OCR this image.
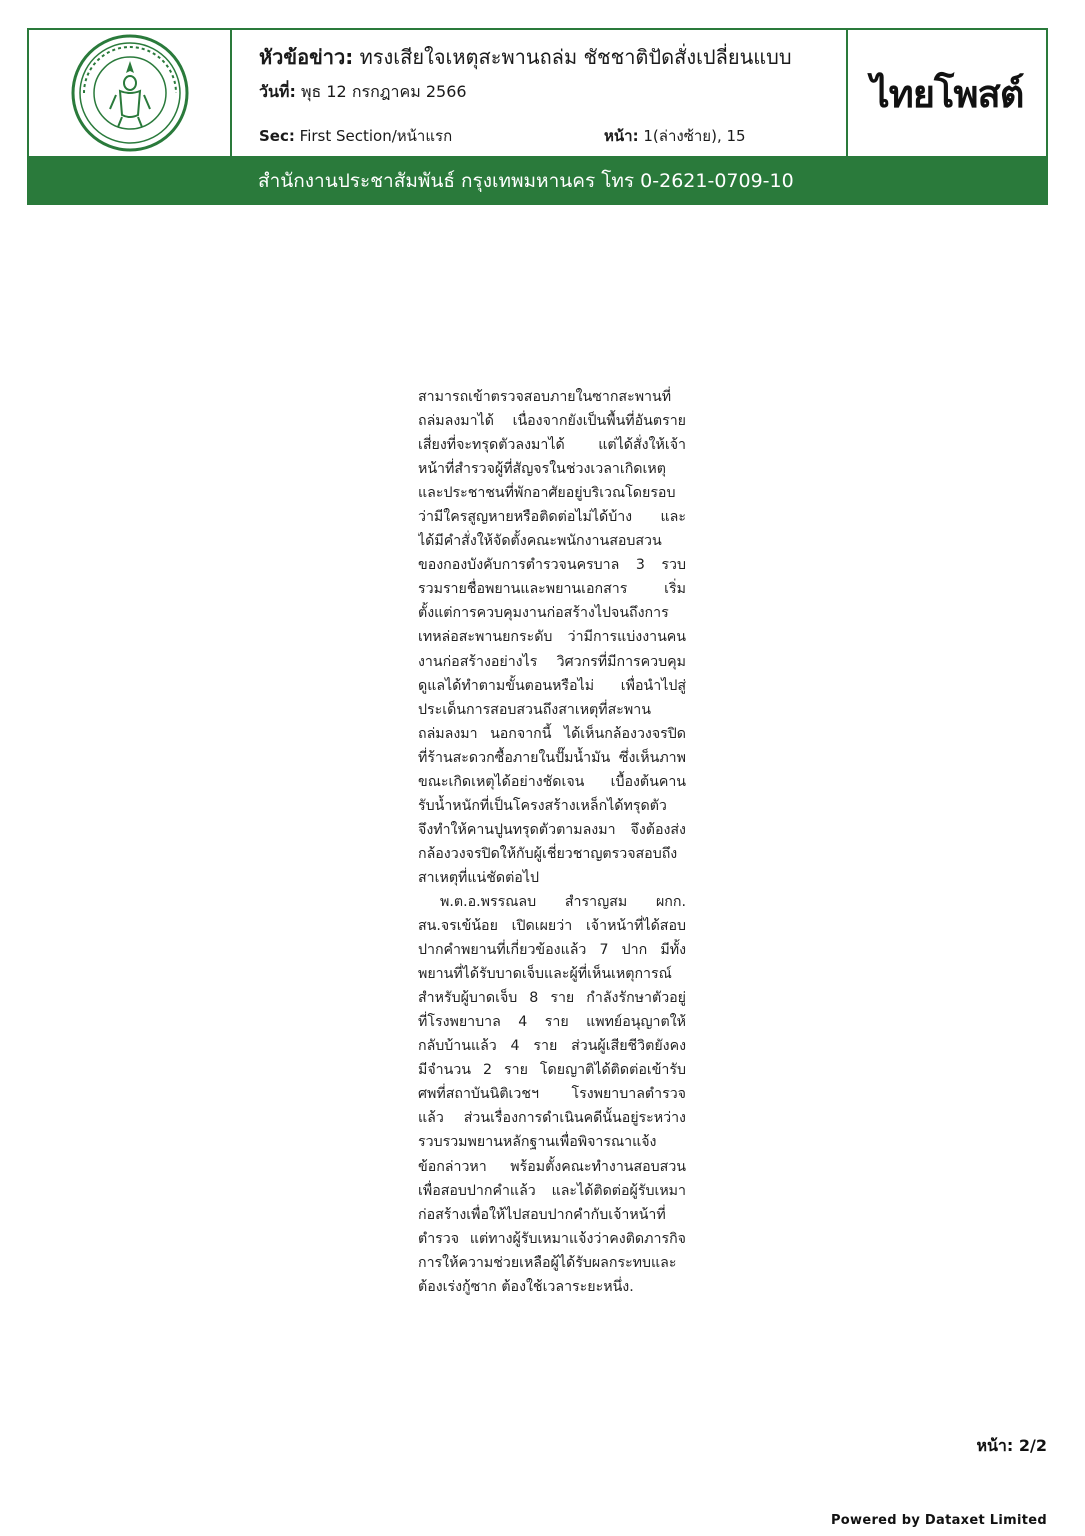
หัวข้อข่าว: ทรงเสียใจเหตุสะพานถล่ม ชัชชาติปัดสั่งเปลี่ยนแบบ
วันที่: พุธ 12 กรกฎาคม 2566
Sec: First Section/หน้าแรก	หน้า: 1(ล่างซ้าย), 15
ไทยโพสต์
สำนักงานประชาสัมพันธ์ กรุงเทพมหานคร โทร 0-2621-0709-10
สามารถเข้าตรวจสอบภายในซากสะพานที่
ถล่มลงมาได้ เนื่องจากยังเป็นพื้นที่อันตราย
เสี่ยงที่จะทรุดตัวลงมาได้ แต่ได้สั่งให้เจ้า
หน้าที่สำรวจผู้ที่สัญจรในช่วงเวลาเกิดเหตุ
และประชาชนที่พักอาศัยอยู่บริเวณโดยรอบ
ว่ามีใครสูญหายหรือติดต่อไม่ได้บ้าง และ
ได้มีคำสั่งให้จัดตั้งคณะพนักงานสอบสวน
ของกองบังคับการตำรวจนครบาล 3 รวบ
รวมรายชื่อพยานและพยานเอกสาร เริ่ม
ตั้งแต่การควบคุมงานก่อสร้างไปจนถึงการ
เทหล่อสะพานยกระดับ ว่ามีการแบ่งงานคน
งานก่อสร้างอย่างไร วิศวกรที่มีการควบคุม
ดูแลได้ทำตามขั้นตอนหรือไม่ เพื่อนำไปสู่
ประเด็นการสอบสวนถึงสาเหตุที่สะพาน
ถล่มลงมา นอกจากนี้ ได้เห็นกล้องวงจรปิด
ที่ร้านสะดวกซื้อภายในปั๊มน้ำมัน ซึ่งเห็นภาพ
ขณะเกิดเหตุได้อย่างชัดเจน เบื้องต้นคาน
รับน้ำหนักที่เป็นโครงสร้างเหล็กได้ทรุดตัว
จึงทำให้คานปูนทรุดตัวตามลงมา จึงต้องส่ง
กล้องวงจรปิดให้กับผู้เชี่ยวชาญตรวจสอบถึง
สาเหตุที่แน่ชัดต่อไป
พ.ต.อ.พรรณลบ สำราญสม ผกก.
สน.จรเข้น้อย เปิดเผยว่า เจ้าหน้าที่ได้สอบ
ปากคำพยานที่เกี่ยวข้องแล้ว 7 ปาก มีทั้ง
พยานที่ได้รับบาดเจ็บและผู้ที่เห็นเหตุการณ์
สำหรับผู้บาดเจ็บ 8 ราย กำลังรักษาตัวอยู่
ที่โรงพยาบาล 4 ราย แพทย์อนุญาตให้
กลับบ้านแล้ว 4 ราย ส่วนผู้เสียชีวิตยังคง
มีจำนวน 2 ราย โดยญาติได้ติดต่อเข้ารับ
ศพที่สถาบันนิติเวชฯ โรงพยาบาลตำรวจ
แล้ว ส่วนเรื่องการดำเนินคดีนั้นอยู่ระหว่าง
รวบรวมพยานหลักฐานเพื่อพิจารณาแจ้ง
ข้อกล่าวหา พร้อมตั้งคณะทำงานสอบสวน
เพื่อสอบปากคำแล้ว และได้ติดต่อผู้รับเหมา
ก่อสร้างเพื่อให้ไปสอบปากคำกับเจ้าหน้าที่
ตำรวจ แต่ทางผู้รับเหมาแจ้งว่าคงติดภารกิจ
การให้ความช่วยเหลือผู้ได้รับผลกระทบและ
ต้องเร่งกู้ซาก ต้องใช้เวลาระยะหนึ่ง.
หน้า: 2/2
Powered by Dataxet Limited
